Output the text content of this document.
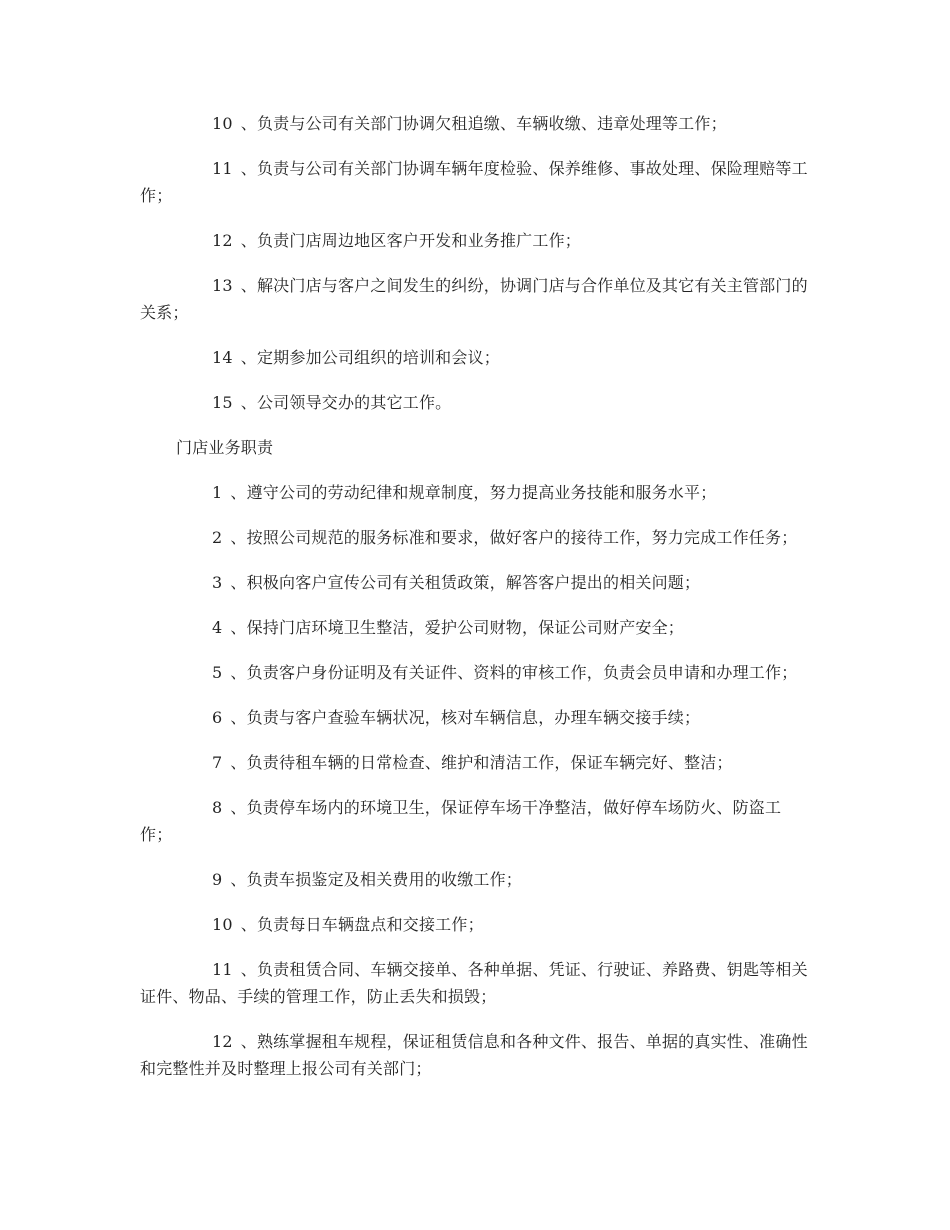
10 、负责与公司有关部门协调欠租追缴、车辆收缴、违章处理等工作；

11 、负责与公司有关部门协调车辆年度检验、保养维修、事故处理、保险理赔等工作；

12 、负责门店周边地区客户开发和业务推广工作；

13 、解决门店与客户之间发生的纠纷，协调门店与合作单位及其它有关主管部门的关系；

14 、定期参加公司组织的培训和会议；

15 、公司领导交办的其它工作。

门店业务职责

1 、遵守公司的劳动纪律和规章制度，努力提高业务技能和服务水平；

2 、按照公司规范的服务标准和要求，做好客户的接待工作，努力完成工作任务；

3 、积极向客户宣传公司有关租赁政策，解答客户提出的相关问题；

4 、保持门店环境卫生整洁，爱护公司财物，保证公司财产安全；

5 、负责客户身份证明及有关证件、资料的审核工作，负责会员申请和办理工作；

6 、负责与客户查验车辆状况，核对车辆信息，办理车辆交接手续；

7 、负责待租车辆的日常检查、维护和清洁工作，保证车辆完好、整洁；

8 、负责停车场内的环境卫生，保证停车场干净整洁，做好停车场防火、防盗工作；

9 、负责车损鉴定及相关费用的收缴工作；

10 、负责每日车辆盘点和交接工作；

11 、负责租赁合同、车辆交接单、各种单据、凭证、行驶证、养路费、钥匙等相关证件、物品、手续的管理工作，防止丢失和损毁；

12 、熟练掌握租车规程，保证租赁信息和各种文件、报告、单据的真实性、准确性和完整性并及时整理上报公司有关部门；
